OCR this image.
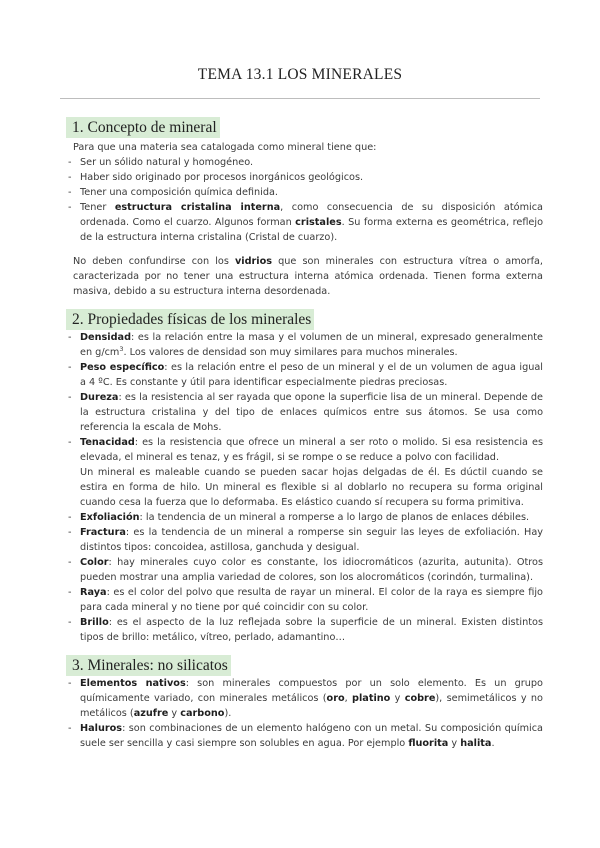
TEMA 13.1 LOS MINERALES
1. Concepto de mineral
Para que una materia sea catalogada como mineral tiene que:
- Ser un sólido natural y homogéneo.
- Haber sido originado por procesos inorgánicos geológicos.
- Tener una composición química definida.
- Tener estructura cristalina interna, como consecuencia de su disposición atómica ordenada. Como el cuarzo. Algunos forman cristales. Su forma externa es geométrica, reflejo de la estructura interna cristalina (Cristal de cuarzo).
No deben confundirse con los vidrios que son minerales con estructura vítrea o amorfa, caracterizada por no tener una estructura interna atómica ordenada. Tienen forma externa masiva, debido a su estructura interna desordenada.
2. Propiedades físicas de los minerales
- Densidad: es la relación entre la masa y el volumen de un mineral, expresado generalmente en $g/cm^3$. Los valores de densidad son muy similares para muchos minerales.
- Peso específico: es la relación entre el peso de un mineral y el de un volumen de agua igual a 4 ºC. Es constante y útil para identificar especialmente piedras preciosas.
- Dureza: es la resistencia al ser rayada que opone la superficie lisa de un mineral. Depende de la estructura cristalina y del tipo de enlaces químicos entre sus átomos. Se usa como referencia la escala de Mohs.
- Tenacidad: es la resistencia que ofrece un mineral a ser roto o molido. Si esa resistencia es elevada, el mineral es tenaz, y es frágil, si se rompe o se reduce a polvo con facilidad.
Un mineral es maleable cuando se pueden sacar hojas delgadas de él. Es dúctil cuando se estira en forma de hilo. Un mineral es flexible si al doblarlo no recupera su forma original cuando cesa la fuerza que lo deformaba. Es elástico cuando sí recupera su forma primitiva.
- Exfoliación: la tendencia de un mineral a romperse a lo largo de planos de enlaces débiles.
- Fractura: es la tendencia de un mineral a romperse sin seguir las leyes de exfoliación. Hay distintos tipos: concoidea, astillosa, ganchuda y desigual.
- Color: hay minerales cuyo color es constante, los idiocromáticos (azurita, autunita). Otros pueden mostrar una amplia variedad de colores, son los alocromáticos (corindón, turmalina).
- Raya: es el color del polvo que resulta de rayar un mineral. El color de la raya es siempre fijo para cada mineral y no tiene por qué coincidir con su color.
- Brillo: es el aspecto de la luz reflejada sobre la superficie de un mineral. Existen distintos tipos de brillo: metálico, vítreo, perlado, adamantino…
3. Minerales: no silicatos
- Elementos nativos: son minerales compuestos por un solo elemento. Es un grupo químicamente variado, con minerales metálicos (oro, platino y cobre), semimetálicos y no metálicos (azufre y carbono).
- Haluros: son combinaciones de un elemento halógeno con un metal. Su composición química suele ser sencilla y casi siempre son solubles en agua. Por ejemplo fluorita y halita.
